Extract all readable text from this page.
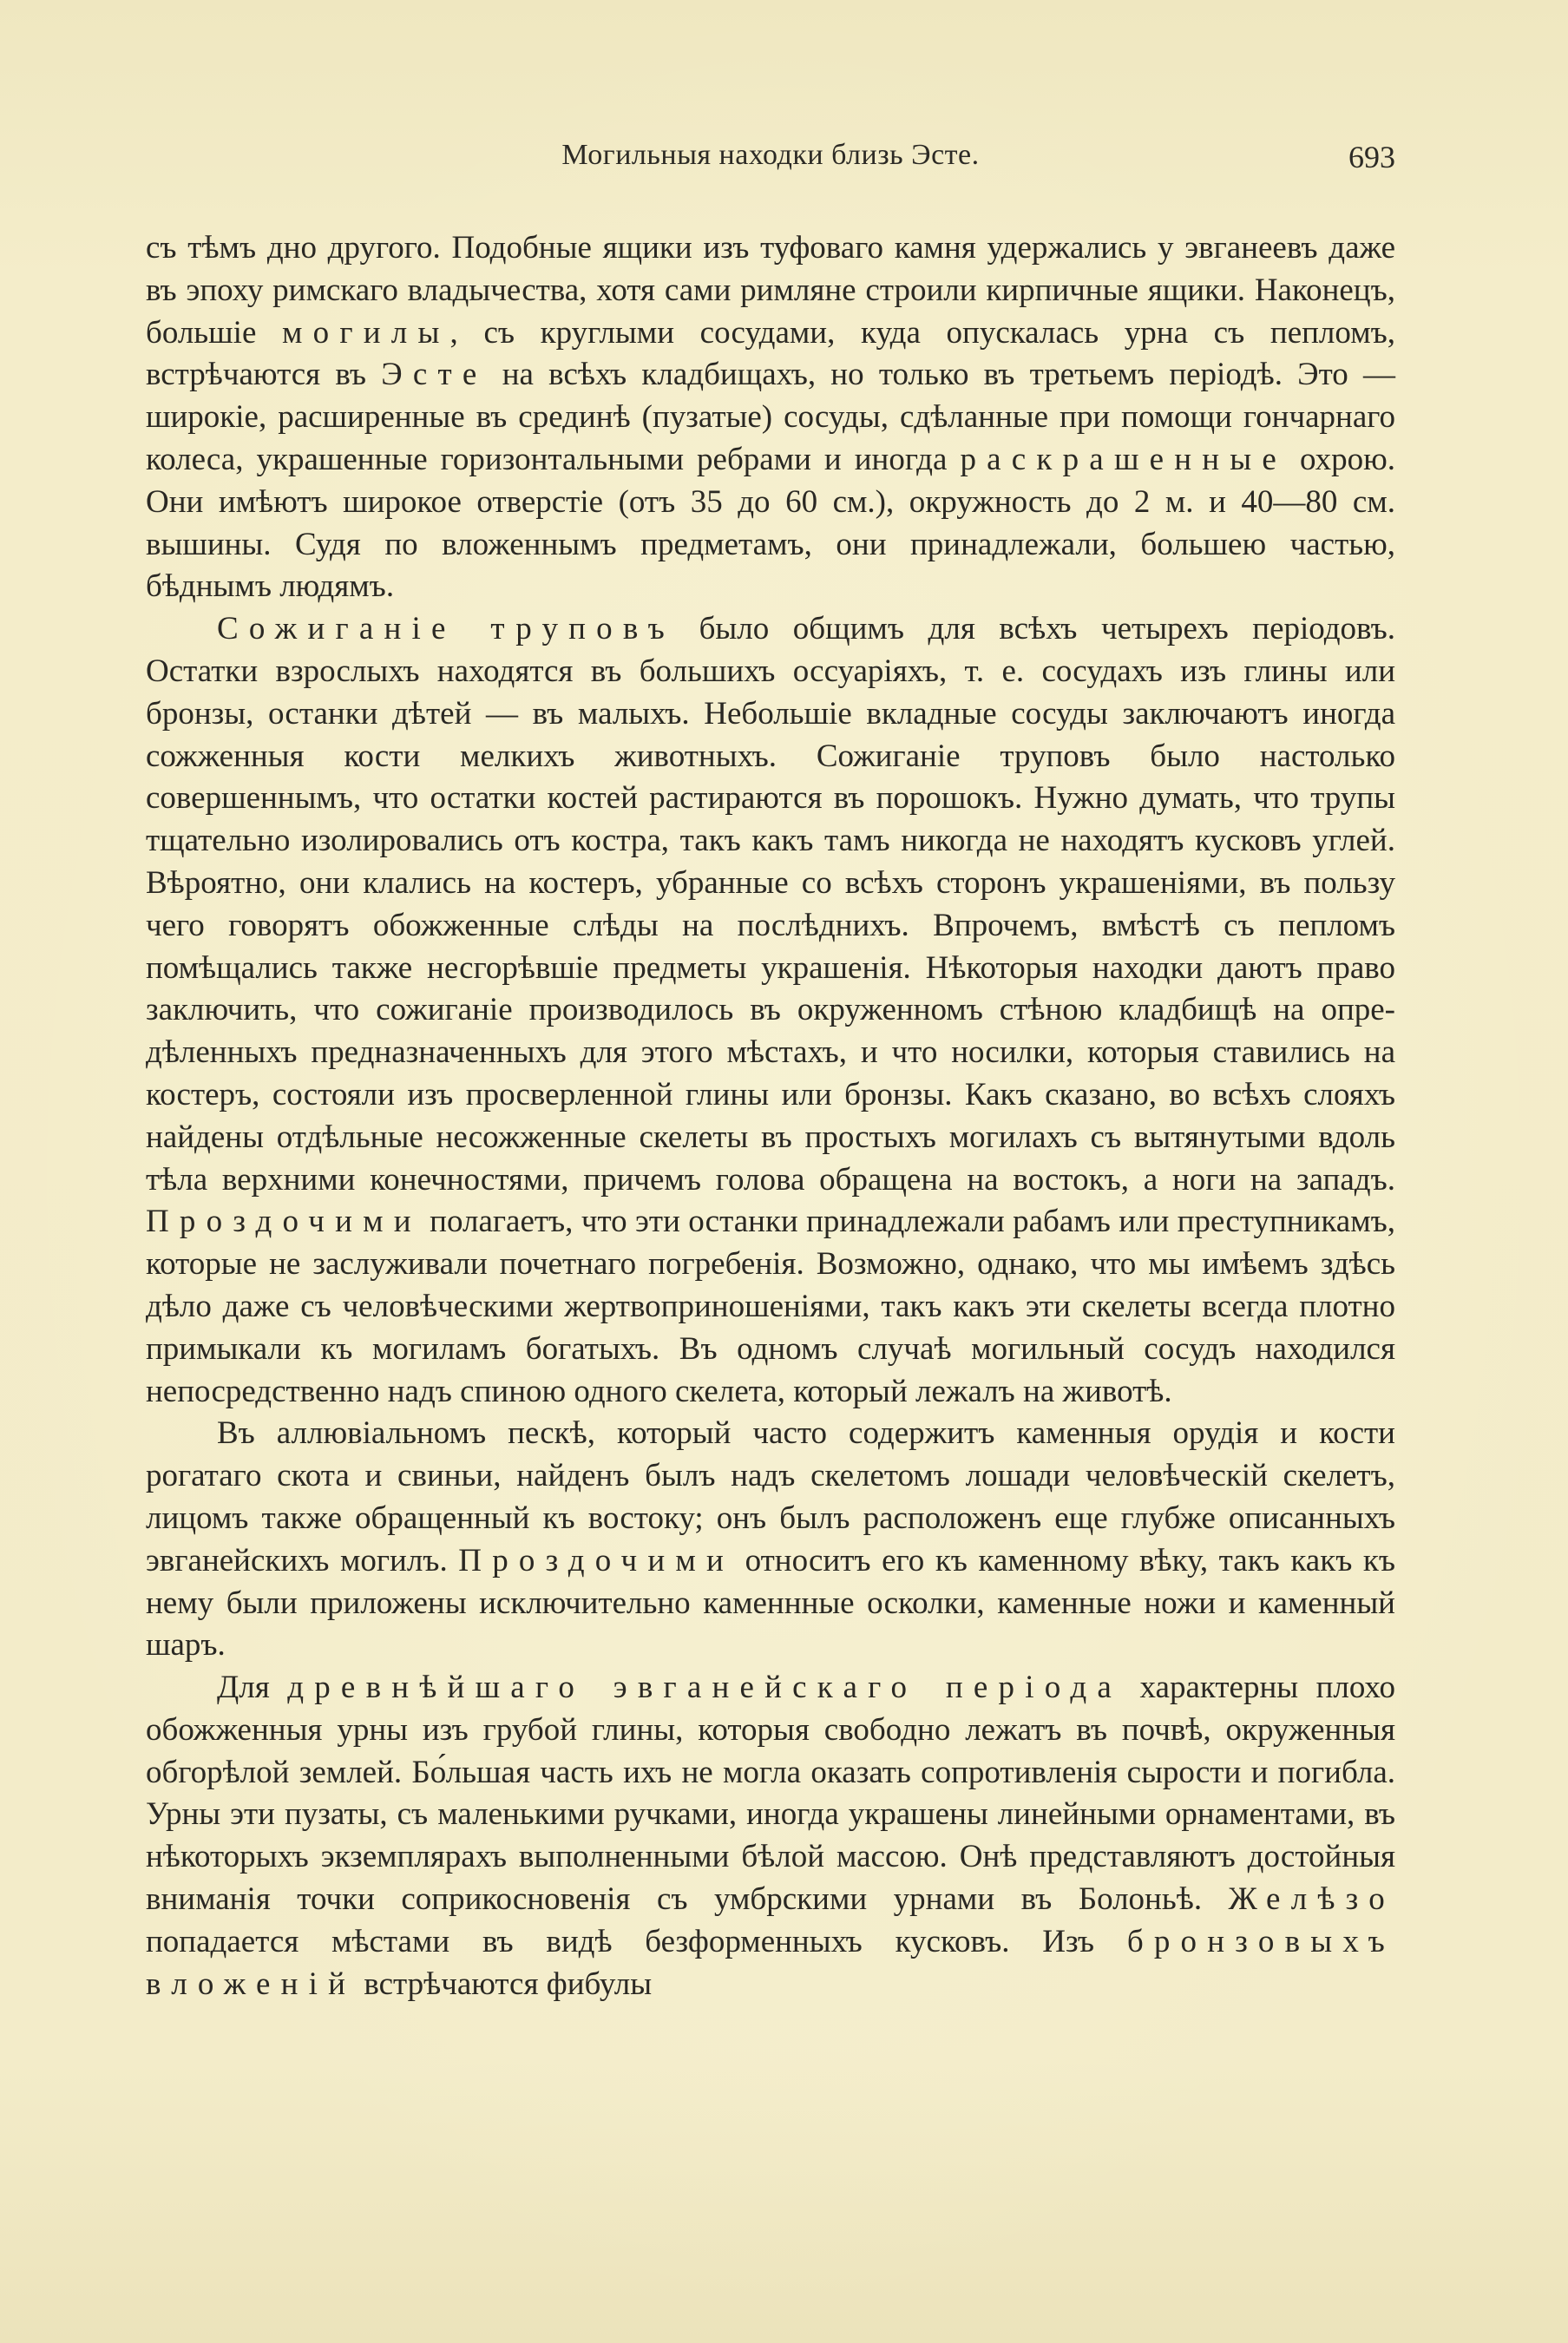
Могильныя находки близь Эсте.	693

съ тѣмъ дно другого. Подобные ящики изъ туфоваго камня удержались у эвганеевъ даже въ эпоху римскаго владычества, хотя сами римляне строили кирпичные ящики. Наконецъ, большіе могилы, съ круглыми сосудами, куда опускалась урна съ пепломъ, встрѣчаются въ Эсте на всѣхъ кладбищахъ, но только въ третьемъ періодѣ. Это — широкіе, расширенные въ срединѣ (пузатые) сосуды, сдѣланные при помощи гончарнаго колеса, украшенные горизонтальными ребрами и иногда раскрашенные охрою. Они имѣютъ широкое отверстіе (отъ 35 до 60 см.), окружность до 2 м. и 40—80 см. вышины. Судя по вложеннымъ предметамъ, они принадлежали, большею частью, бѣднымъ людямъ.

Сожиганіе труповъ было общимъ для всѣхъ четырехъ періодовъ. Остатки взрослыхъ находятся въ большихъ оссуаріяхъ, т. е. сосудахъ изъ глины или бронзы, останки дѣтей — въ малыхъ. Небольшіе вкладные сосуды заключаютъ иногда сожженныя кости мелкихъ животныхъ. Сожиганіе труповъ было настолько совершеннымъ, что остатки костей растираются въ порошокъ. Нужно думать, что трупы тщательно изолировались отъ костра, такъ какъ тамъ никогда не находятъ кусковъ углей. Вѣроятно, они клались на костеръ, убранные со всѣхъ сторонъ украшеніями, въ пользу чего говорятъ обожженные слѣды на послѣднихъ. Впрочемъ, вмѣстѣ съ пепломъ помѣщались также несгорѣвшіе предметы украшенія. Нѣкоторыя находки даютъ право заключить, что сожиганіе производилось въ окруженномъ стѣною кладбищѣ на опредѣленныхъ предназначенныхъ для этого мѣстахъ, и что носилки, которыя ставились на костеръ, состояли изъ просверленной глины или бронзы. Какъ сказано, во всѣхъ слояхъ найдены отдѣльные несожженные скелеты въ простыхъ могилахъ съ вытянутыми вдоль тѣла верхними конечностями, причемъ голова обращена на востокъ, а ноги на западъ. Проздочими полагаетъ, что эти останки принадлежали рабамъ или преступникамъ, которые не заслуживали почетнаго погребенія. Возможно, однако, что мы имѣемъ здѣсь дѣло даже съ человѣческими жертвоприношеніями, такъ какъ эти скелеты всегда плотно примыкали къ могиламъ богатыхъ. Въ одномъ случаѣ могильный сосудъ находился непосредственно надъ спиною одного скелета, который лежалъ на животѣ.

Въ аллювіальномъ пескѣ, который часто содержитъ каменныя орудія и кости рогатаго скота и свиньи, найденъ былъ надъ скелетомъ лошади человѣческій скелетъ, лицомъ также обращенный къ востоку; онъ былъ расположенъ еще глубже описанныхъ эвганейскихъ могилъ. Проздочими относитъ его къ каменному вѣку, такъ какъ къ нему были приложены исключительно каменнные осколки, каменные ножи и каменный шаръ.

Для древнѣйшаго эвганейскаго періода характерны плохо обожженныя урны изъ грубой глины, которыя свободно лежатъ въ почвѣ, окруженныя обгорѣлой землей. Бо́льшая часть ихъ не могла оказать сопротивленія сырости и погибла. Урны эти пузаты, съ маленькими ручками, иногда украшены линейными орнаментами, въ нѣкоторыхъ экземплярахъ выполненными бѣлой массою. Онѣ представляютъ достойныя вниманія точки соприкосновенія съ умбрскими урнами въ Болоньѣ. Желѣзо попадается мѣстами въ видѣ безформенныхъ кусковъ. Изъ бронзовыхъ вложеній встрѣчаются фибулы
